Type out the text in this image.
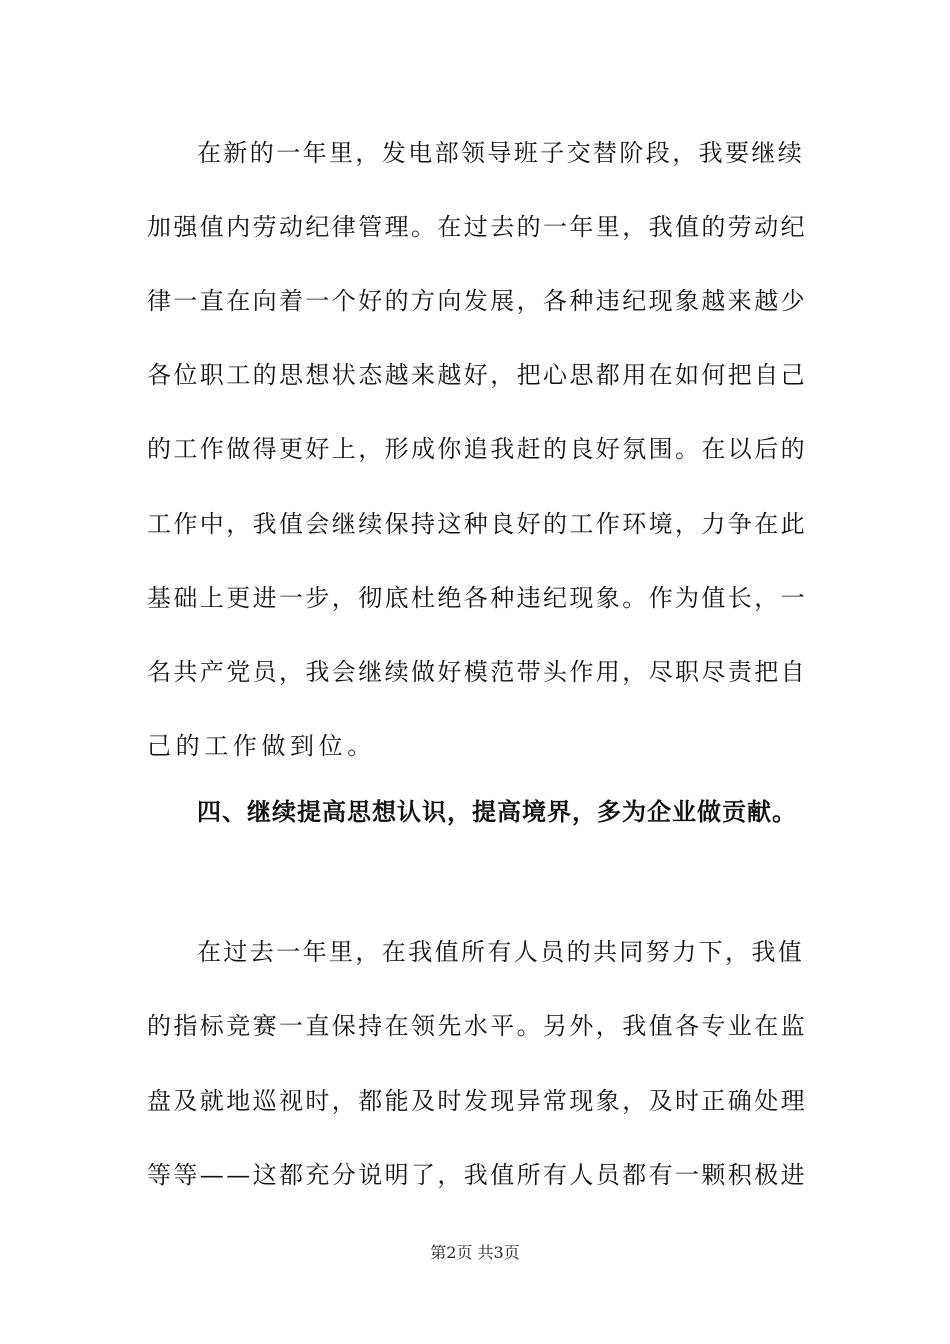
在新的一年里，发电部领导班子交替阶段，我要继续
加强值内劳动纪律管理。在过去的一年里，我值的劳动纪
律一直在向着一个好的方向发展，各种违纪现象越来越少
各位职工的思想状态越来越好，把心思都用在如何把自己
的工作做得更好上，形成你追我赶的良好氛围。在以后的
工作中，我值会继续保持这种良好的工作环境，力争在此
基础上更进一步，彻底杜绝各种违纪现象。作为值长，一
名共产党员，我会继续做好模范带头作用，尽职尽责把自
己的工作做到位。
四、继续提高思想认识，提高境界，多为企业做贡献。
在过去一年里，在我值所有人员的共同努力下，我值
的指标竞赛一直保持在领先水平。另外，我值各专业在监
盘及就地巡视时，都能及时发现异常现象，及时正确处理
等等——这都充分说明了，我值所有人员都有一颗积极进
第2页 共3页
